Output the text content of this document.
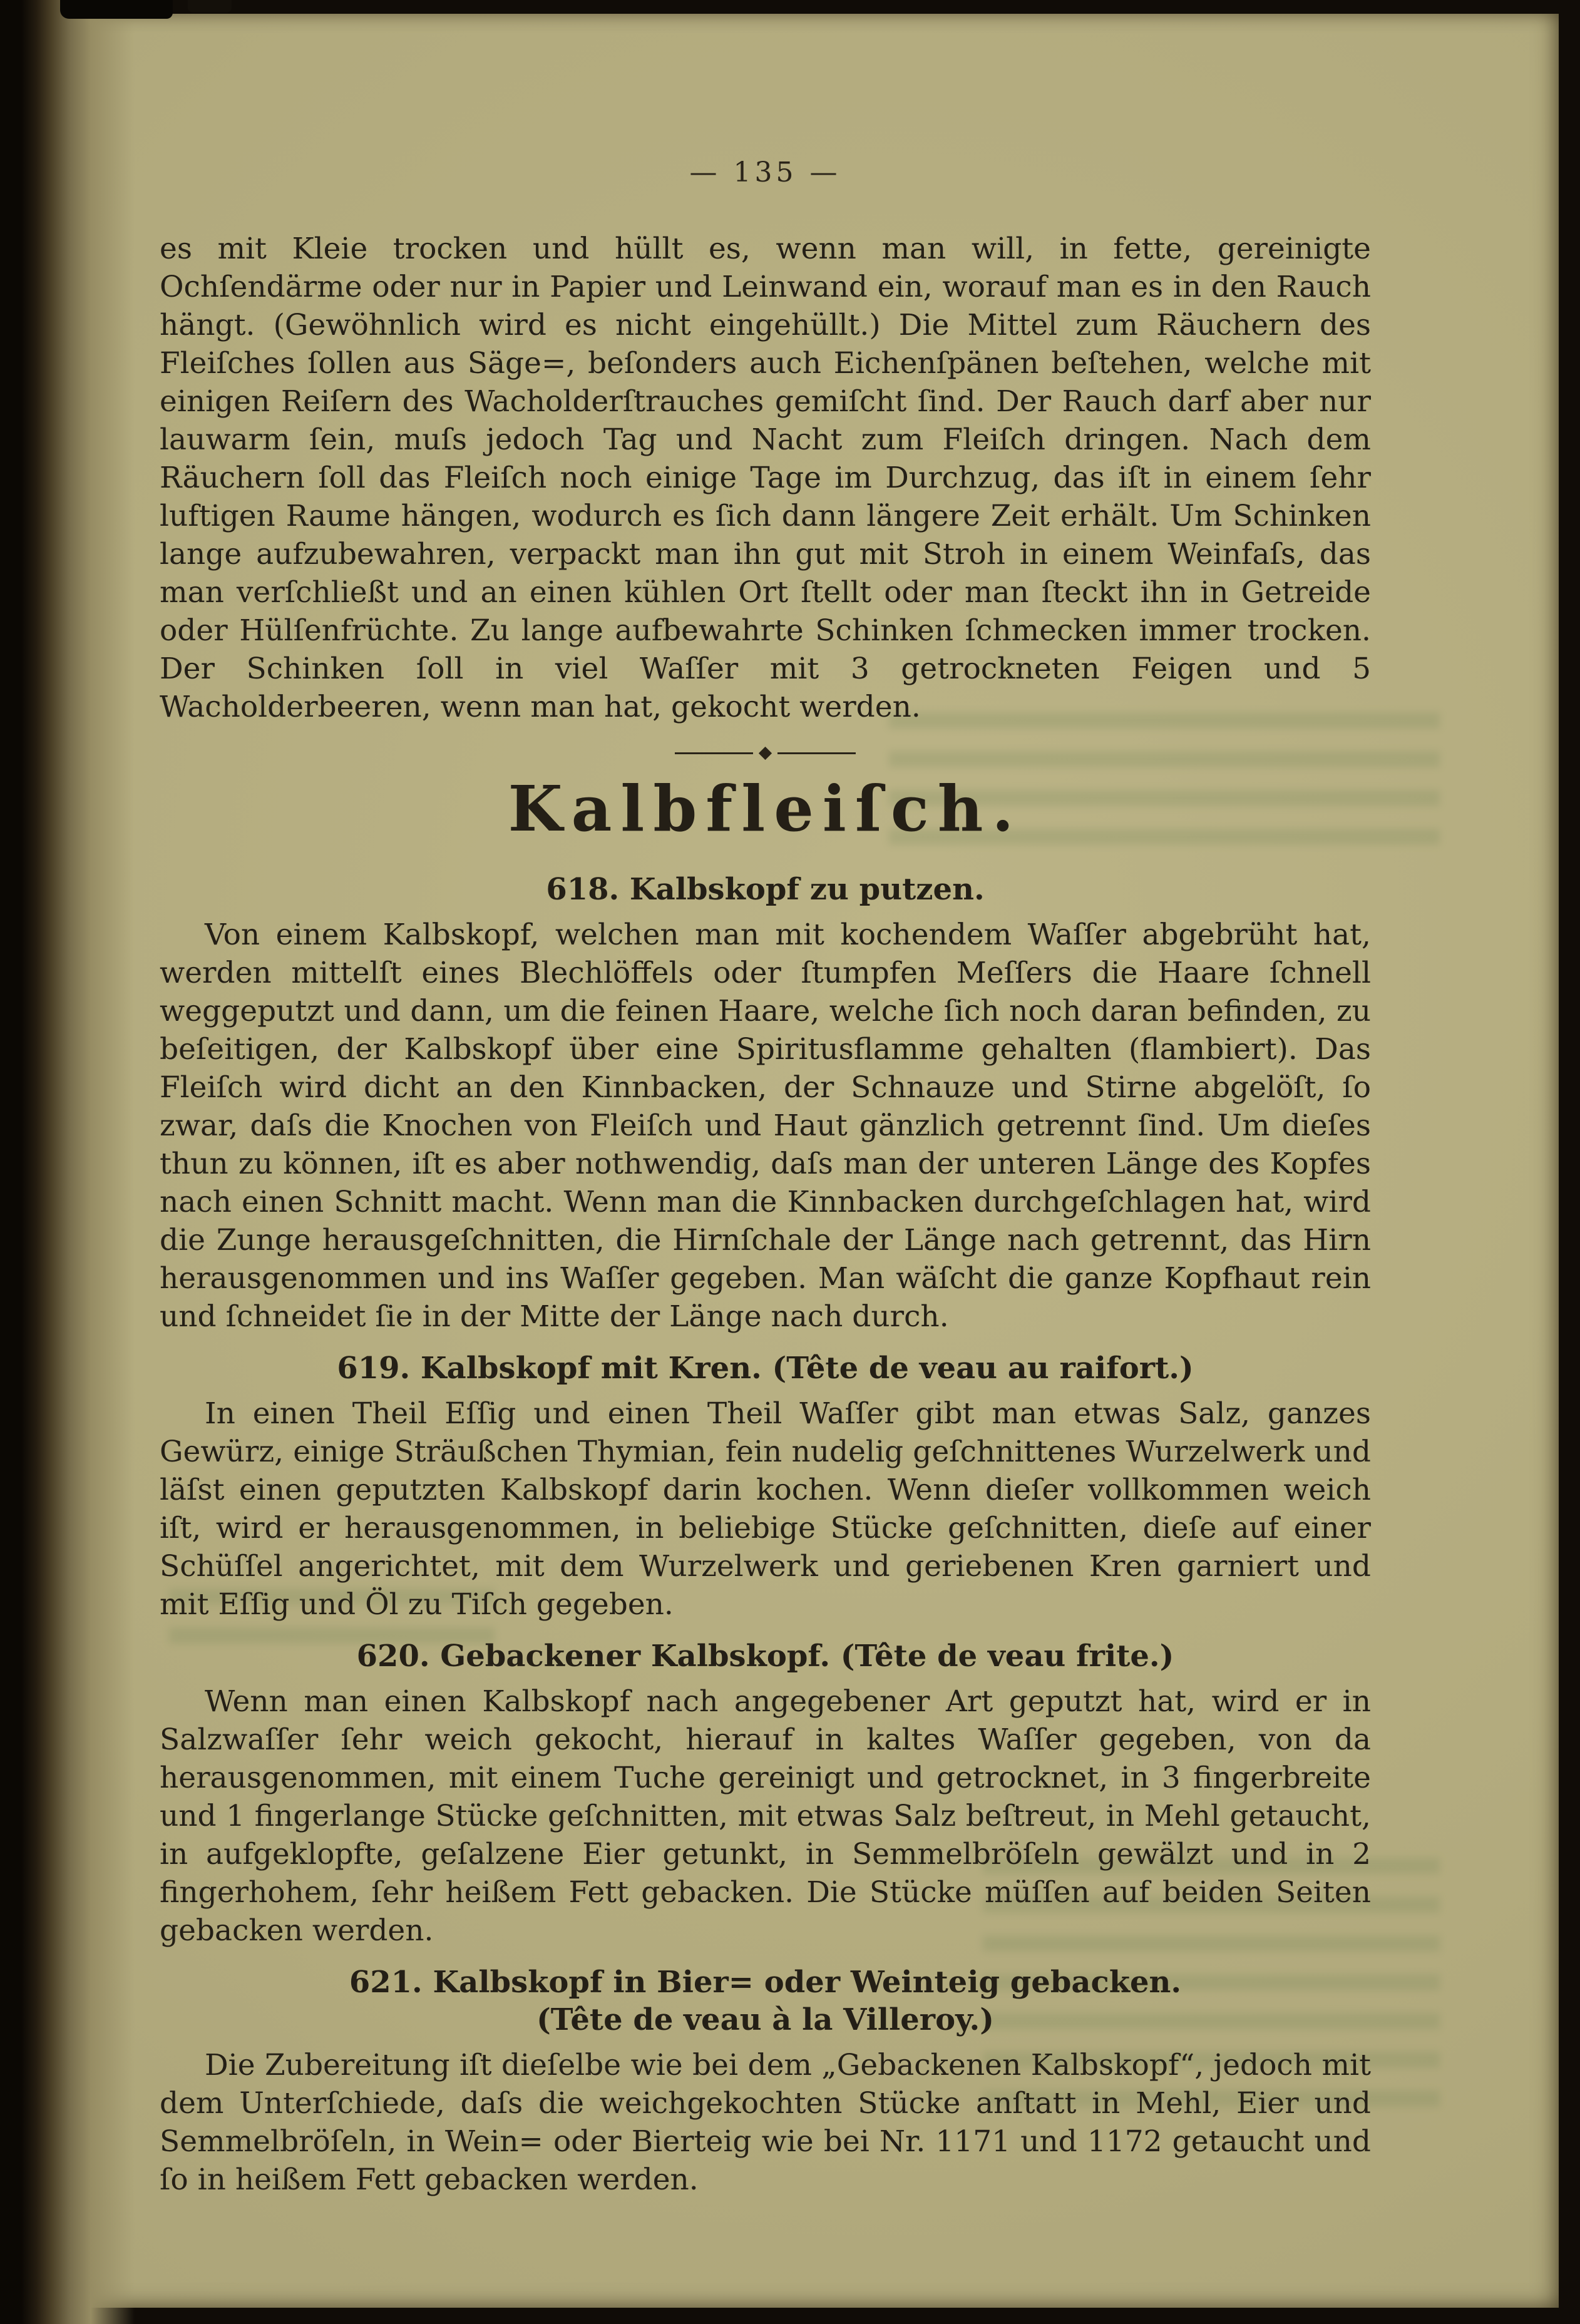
— 135 —

es mit Kleie trocken und hüllt es, wenn man will, in fette, gereinigte Ochſendärme oder nur in Papier und Leinwand ein, worauf man es in den Rauch hängt. (Gewöhnlich wird es nicht eingehüllt.) Die Mittel zum Räuchern des Fleiſches ſollen aus Säge=, beſonders auch Eichenſpänen beſtehen, welche mit einigen Reiſern des Wacholderſtrauches gemiſcht ſind. Der Rauch darf aber nur lauwarm ſein, muſs jedoch Tag und Nacht zum Fleiſch dringen. Nach dem Räuchern ſoll das Fleiſch noch einige Tage im Durchzug, das iſt in einem ſehr luftigen Raume hängen, wodurch es ſich dann längere Zeit erhält. Um Schinken lange aufzubewahren, verpackt man ihn gut mit Stroh in einem Weinfaſs, das man verſchließt und an einen kühlen Ort ſtellt oder man ſteckt ihn in Getreide oder Hülſenfrüchte. Zu lange aufbewahrte Schinken ſchmecken immer trocken. Der Schinken ſoll in viel Waſſer mit 3 getrockneten Feigen und 5 Wacholderbeeren, wenn man hat, gekocht werden.

Kalbfleiſch.
618. Kalbskopf zu putzen.

Von einem Kalbskopf, welchen man mit kochendem Waſſer abgebrüht hat, werden mittelſt eines Blechlöffels oder ſtumpfen Meſſers die Haare ſchnell weggeputzt und dann, um die feinen Haare, welche ſich noch daran befinden, zu beſeitigen, der Kalbskopf über eine Spiritusflamme gehalten (flambiert). Das Fleiſch wird dicht an den Kinnbacken, der Schnauze und Stirne abgelöſt, ſo zwar, daſs die Knochen von Fleiſch und Haut gänzlich getrennt ſind. Um dieſes thun zu können, iſt es aber nothwendig, daſs man der unteren Länge des Kopfes nach einen Schnitt macht. Wenn man die Kinnbacken durchgeſchlagen hat, wird die Zunge herausgeſchnitten, die Hirnſchale der Länge nach getrennt, das Hirn herausgenommen und ins Waſſer gegeben. Man wäſcht die ganze Kopfhaut rein und ſchneidet ſie in der Mitte der Länge nach durch.

619. Kalbskopf mit Kren. (Tête de veau au raifort.)

In einen Theil Eſſig und einen Theil Waſſer gibt man etwas Salz, ganzes Gewürz, einige Sträußchen Thymian, fein nudelig geſchnittenes Wurzelwerk und läſst einen geputzten Kalbskopf darin kochen. Wenn dieſer vollkommen weich iſt, wird er herausgenommen, in beliebige Stücke geſchnitten, dieſe auf einer Schüſſel angerichtet, mit dem Wurzelwerk und geriebenen Kren garniert und mit Eſſig und Öl zu Tiſch gegeben.

620. Gebackener Kalbskopf. (Tête de veau frite.)

Wenn man einen Kalbskopf nach angegebener Art geputzt hat, wird er in Salzwaſſer ſehr weich gekocht, hierauf in kaltes Waſſer gegeben, von da herausgenommen, mit einem Tuche gereinigt und getrocknet, in 3 fingerbreite und 1 fingerlange Stücke geſchnitten, mit etwas Salz beſtreut, in Mehl getaucht, in aufgeklopfte, geſalzene Eier getunkt, in Semmelbröſeln gewälzt und in 2 fingerhohem, ſehr heißem Fett gebacken. Die Stücke müſſen auf beiden Seiten gebacken werden.

621. Kalbskopf in Bier= oder Weinteig gebacken.
(Tête de veau à la Villeroy.)

Die Zubereitung iſt dieſelbe wie bei dem „Gebackenen Kalbskopf“, jedoch mit dem Unterſchiede, daſs die weichgekochten Stücke anſtatt in Mehl, Eier und Semmelbröſeln, in Wein= oder Bierteig wie bei Nr. 1171 und 1172 getaucht und ſo in heißem Fett gebacken werden.
